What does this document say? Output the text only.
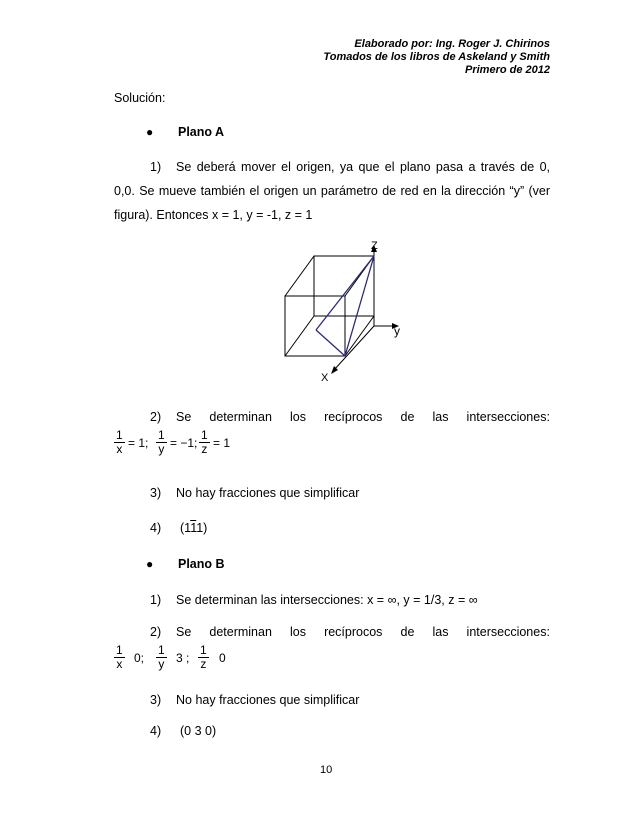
Elaborado por: Ing. Roger J. Chirinos
Tomados de los libros de Askeland y Smith
Primero de 2012
Solución:
● Plano A
1) Se deberá mover el origen, ya que el plano pasa a través de 0,
0,0. Se mueve también el origen un parámetro de red en la dirección “y” (ver
figura). Entonces x = 1, y = -1, z = 1
Z
y
X
2) Se determinan los recíprocos de las intersecciones:
$\frac{1}{x} = 1$; $\frac{1}{y} = -1$; $\frac{1}{z} = 1$
3) No hay fracciones que simplificar
4) (111)
● Plano B
1) Se determinan las intersecciones: x = ∞, y = 1/3, z = ∞
2) Se determinan los recíprocos de las intersecciones:
$\frac{1}{x} 0$; $\frac{1}{y} 3$ ; $\frac{1}{z} 0$
3) No hay fracciones que simplificar
4) (0 3 0)
10
